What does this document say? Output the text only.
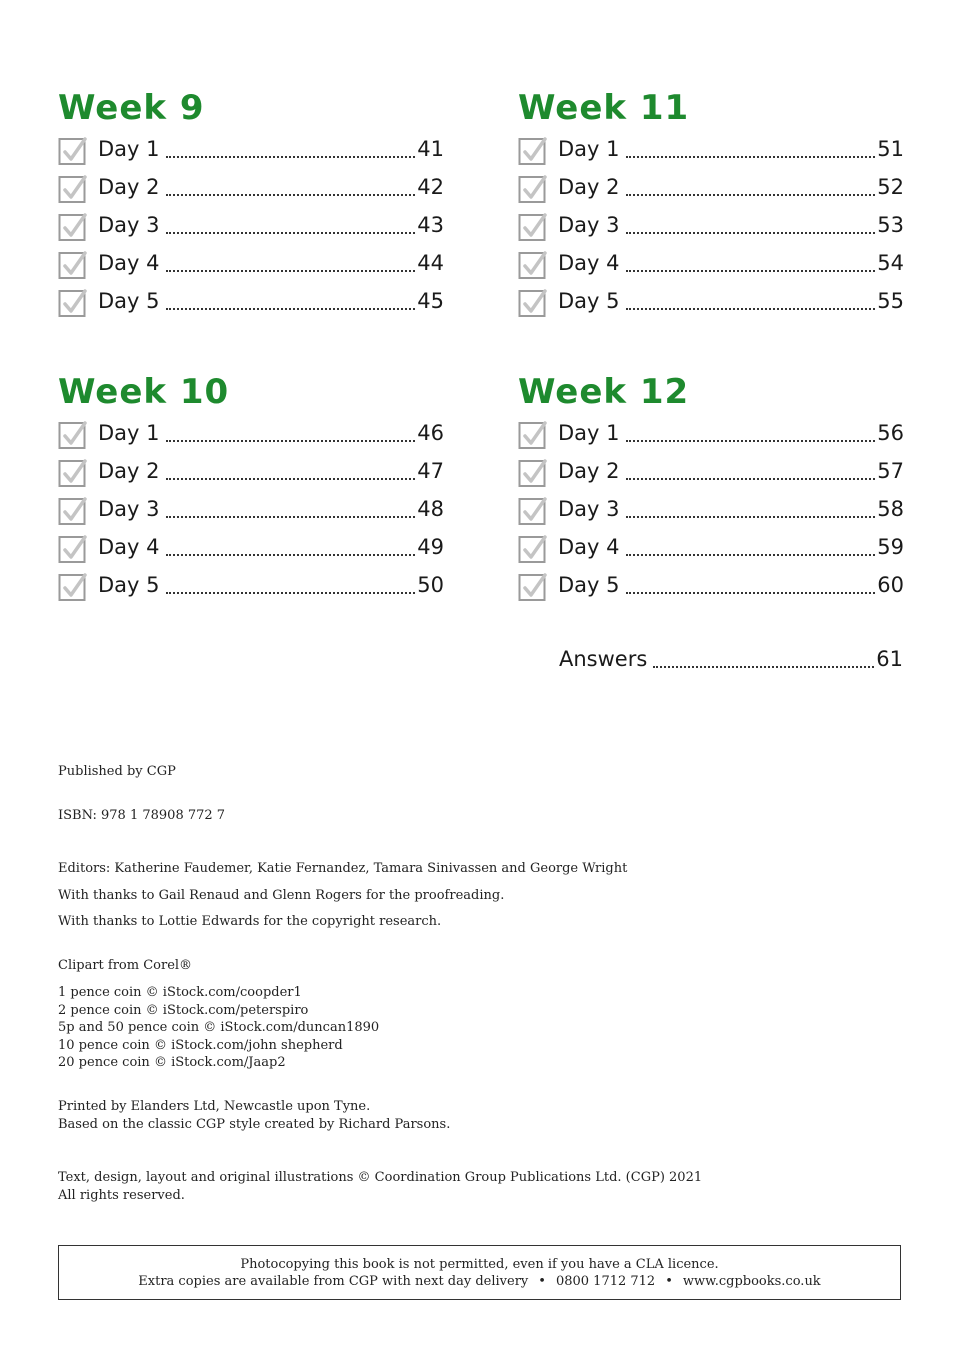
Week 9
Day 1	41
Day 2	42
Day 3	43
Day 4	44
Day 5	45
Week 11
Day 1	51
Day 2	52
Day 3	53
Day 4	54
Day 5	55
Week 10
Day 1	46
Day 2	47
Day 3	48
Day 4	49
Day 5	50
Week 12
Day 1	56
Day 2	57
Day 3	58
Day 4	59
Day 5	60
Answers	61
Published by CGP
ISBN: 978 1 78908 772 7
Editors: Katherine Faudemer, Katie Fernandez, Tamara Sinivassen and George Wright
With thanks to Gail Renaud and Glenn Rogers for the proofreading.
With thanks to Lottie Edwards for the copyright research.
Clipart from Corel®
1 pence coin © iStock.com/coopder1
2 pence coin © iStock.com/peterspiro
5p and 50 pence coin © iStock.com/duncan1890
10 pence coin © iStock.com/john shepherd
20 pence coin © iStock.com/Jaap2
Printed by Elanders Ltd, Newcastle upon Tyne.
Based on the classic CGP style created by Richard Parsons.
Text, design, layout and original illustrations © Coordination Group Publications Ltd. (CGP) 2021
All rights reserved.
Photocopying this book is not permitted, even if you have a CLA licence.
Extra copies are available from CGP with next day delivery • 0800 1712 712 • www.cgpbooks.co.uk
